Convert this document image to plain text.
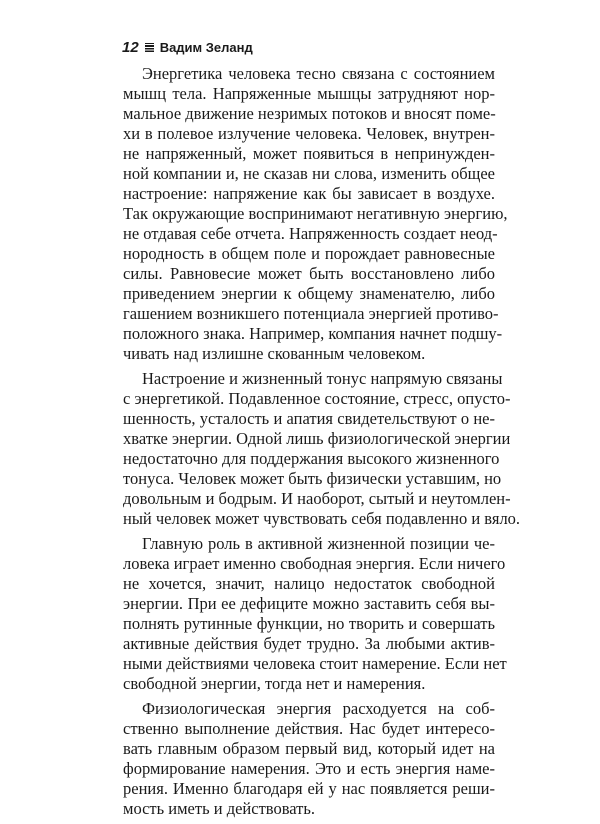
12 Вадим Зеланд
Энергетика человека тесно связана с состоянием
мышц тела. Напряженные мышцы затрудняют нор-
мальное движение незримых потоков и вносят поме-
хи в полевое излучение человека. Человек, внутрен-
не напряженный, может появиться в непринужден-
ной компании и, не сказав ни слова, изменить общее
настроение: напряжение как бы зависает в воздухе.
Так окружающие воспринимают негативную энергию,
не отдавая себе отчета. Напряженность создает неод-
нородность в общем поле и порождает равновесные
силы. Равновесие может быть восстановлено либо
приведением энергии к общему знаменателю, либо
гашением возникшего потенциала энергией противо-
положного знака. Например, компания начнет подшу-
чивать над излишне скованным человеком.
Настроение и жизненный тонус напрямую связаны
с энергетикой. Подавленное состояние, стресс, опусто-
шенность, усталость и апатия свидетельствуют о не-
хватке энергии. Одной лишь физиологической энергии
недостаточно для поддержания высокого жизненного
тонуса. Человек может быть физически уставшим, но
довольным и бодрым. И наоборот, сытый и неутомлен-
ный человек может чувствовать себя подавленно и вяло.
Главную роль в активной жизненной позиции че-
ловека играет именно свободная энергия. Если ничего
не хочется, значит, налицо недостаток свободной
энергии. При ее дефиците можно заставить себя вы-
полнять рутинные функции, но творить и совершать
активные действия будет трудно. За любыми актив-
ными действиями человека стоит намерение. Если нет
свободной энергии, тогда нет и намерения.
Физиологическая энергия расходуется на соб-
ственно выполнение действия. Нас будет интересо-
вать главным образом первый вид, который идет на
формирование намерения. Это и есть энергия наме-
рения. Именно благодаря ей у нас появляется реши-
мость иметь и действовать.
